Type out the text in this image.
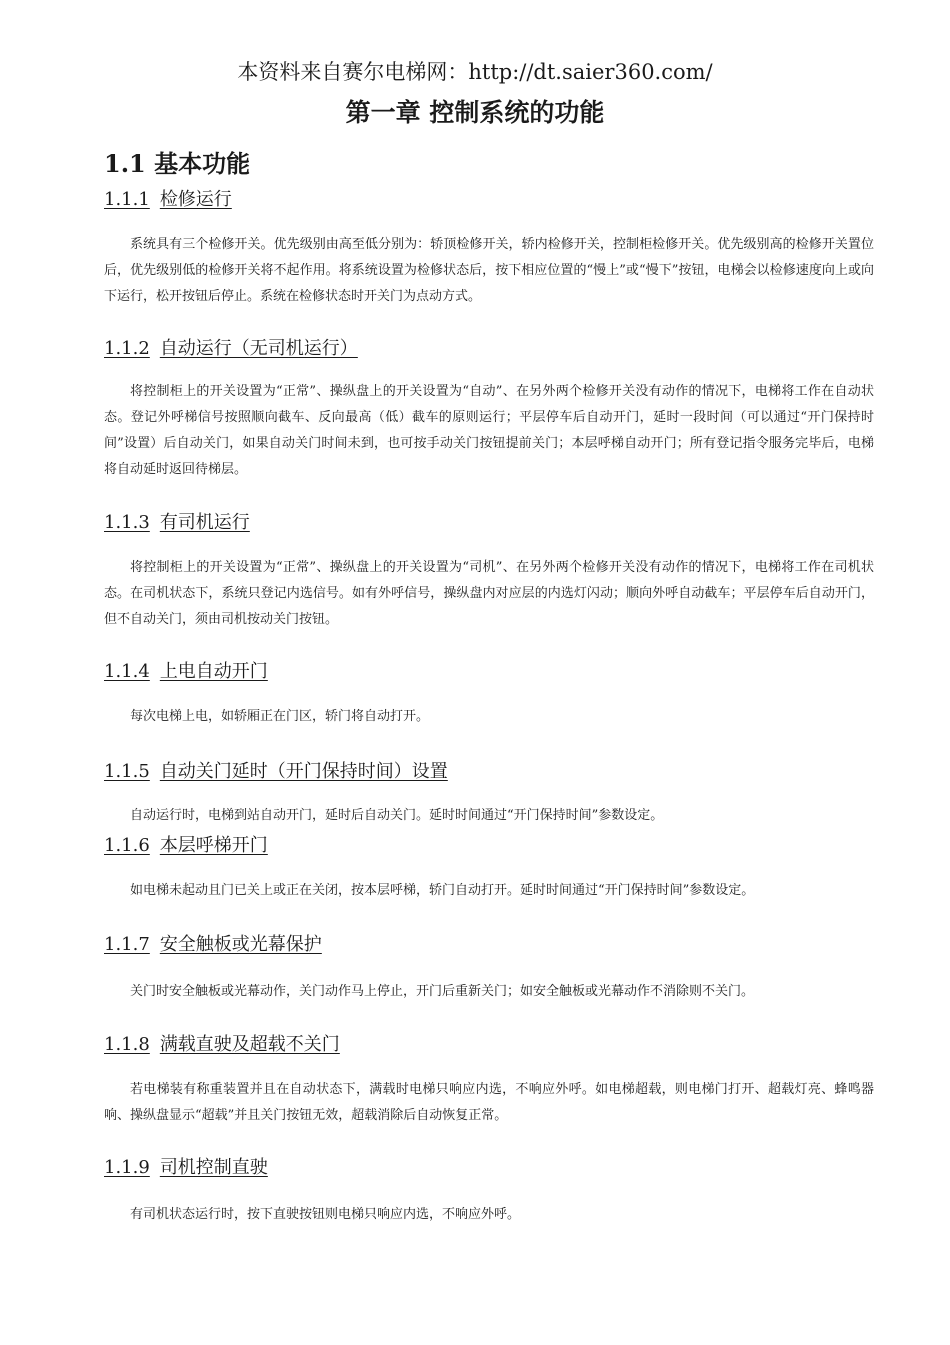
本资料来自赛尔电梯网：http://dt.saier360.com/
第一章 控制系统的功能
1.1 基本功能
1.1.1 检修运行

系统具有三个检修开关。优先级别由高至低分别为：轿顶检修开关，轿内检修开关，控制柜检修开关。优先级别高的检修开关置位后，优先级别低的检修开关将不起作用。将系统设置为检修状态后，按下相应位置的“慢上”或“慢下”按钮，电梯会以检修速度向上或向下运行，松开按钮后停止。系统在检修状态时开关门为点动方式。

1.1.2 自动运行（无司机运行）

将控制柜上的开关设置为“正常”、操纵盘上的开关设置为“自动”、在另外两个检修开关没有动作的情况下，电梯将工作在自动状态。登记外呼梯信号按照顺向截车、反向最高（低）截车的原则运行；平层停车后自动开门，延时一段时间（可以通过“开门保持时间”设置）后自动关门，如果自动关门时间未到，也可按手动关门按钮提前关门；本层呼梯自动开门；所有登记指令服务完毕后，电梯将自动延时返回待梯层。

1.1.3 有司机运行

将控制柜上的开关设置为“正常”、操纵盘上的开关设置为“司机”、在另外两个检修开关没有动作的情况下，电梯将工作在司机状态。在司机状态下，系统只登记内选信号。如有外呼信号，操纵盘内对应层的内选灯闪动；顺向外呼自动截车；平层停车后自动开门，但不自动关门，须由司机按动关门按钮。

1.1.4 上电自动开门

每次电梯上电，如轿厢正在门区，轿门将自动打开。

1.1.5 自动关门延时（开门保持时间）设置

自动运行时，电梯到站自动开门，延时后自动关门。延时时间通过“开门保持时间”参数设定。

1.1.6 本层呼梯开门

如电梯未起动且门已关上或正在关闭，按本层呼梯，轿门自动打开。延时时间通过“开门保持时间”参数设定。

1.1.7 安全触板或光幕保护

关门时安全触板或光幕动作，关门动作马上停止，开门后重新关门；如安全触板或光幕动作不消除则不关门。

1.1.8 满载直驶及超载不关门

若电梯装有称重装置并且在自动状态下，满载时电梯只响应内选，不响应外呼。如电梯超载，则电梯门打开、超载灯亮、蜂鸣器响、操纵盘显示“超载”并且关门按钮无效，超载消除后自动恢复正常。

1.1.9 司机控制直驶

有司机状态运行时，按下直驶按钮则电梯只响应内选，不响应外呼。
